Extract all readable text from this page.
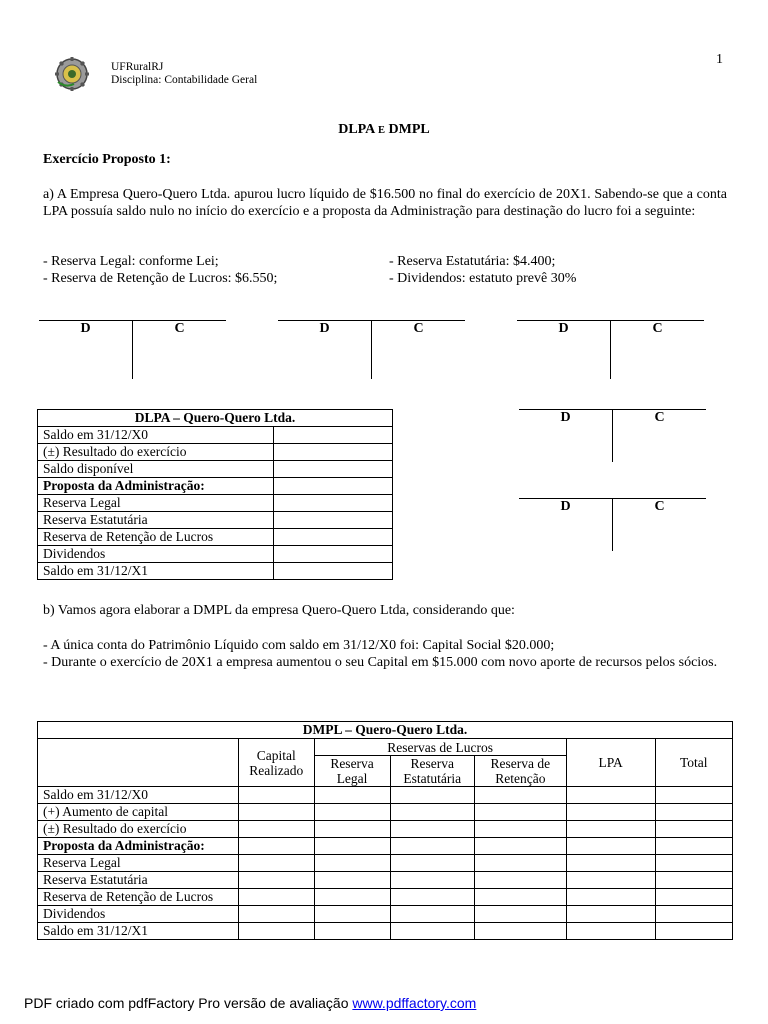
1
UFRuralRJ
Disciplina: Contabilidade Geral
DLPA E DMPL
Exercício Proposto 1:
a) A Empresa Quero-Quero Ltda. apurou lucro líquido de $16.500 no final do exercício de 20X1. Sabendo-se que a conta LPA possuía saldo nulo no início do exercício e a proposta da Administração para destinação do lucro foi a seguinte:
- Reserva Legal: conforme Lei;
- Reserva de Retenção de Lucros: $6.550;
- Reserva Estatutária: $4.400;
- Dividendos: estatuto prevê 30%
D	C	D	C	D	C
D	C
D	C
DLPA – Quero-Quero Ltda.	
Saldo em 31/12/X0	
(±) Resultado do exercício	
Saldo disponível	
Proposta da Administração:	
Reserva Legal	
Reserva Estatutária	
Reserva de Retenção de Lucros	
Dividendos	
Saldo em 31/12/X1	
b) Vamos agora elaborar a DMPL da empresa Quero-Quero Ltda, considerando que:
- A única conta do Patrimônio Líquido com saldo em 31/12/X0 foi: Capital Social $20.000;
- Durante o exercício de 20X1 a empresa aumentou o seu Capital em $15.000 com novo aporte de recursos pelos sócios.
DMPL – Quero-Quero Ltda.						
	Capital Realizado	Reservas de Lucros			LPA	Total
		Reserva Legal	Reserva Estatutária	Reserva de Retenção		
Saldo em 31/12/X0						
(+) Aumento de capital						
(±) Resultado do exercício						
Proposta da Administração:						
Reserva Legal						
Reserva Estatutária						
Reserva de Retenção de Lucros						
Dividendos						
Saldo em 31/12/X1						
PDF criado com pdfFactory Pro versão de avaliação www.pdffactory.com
